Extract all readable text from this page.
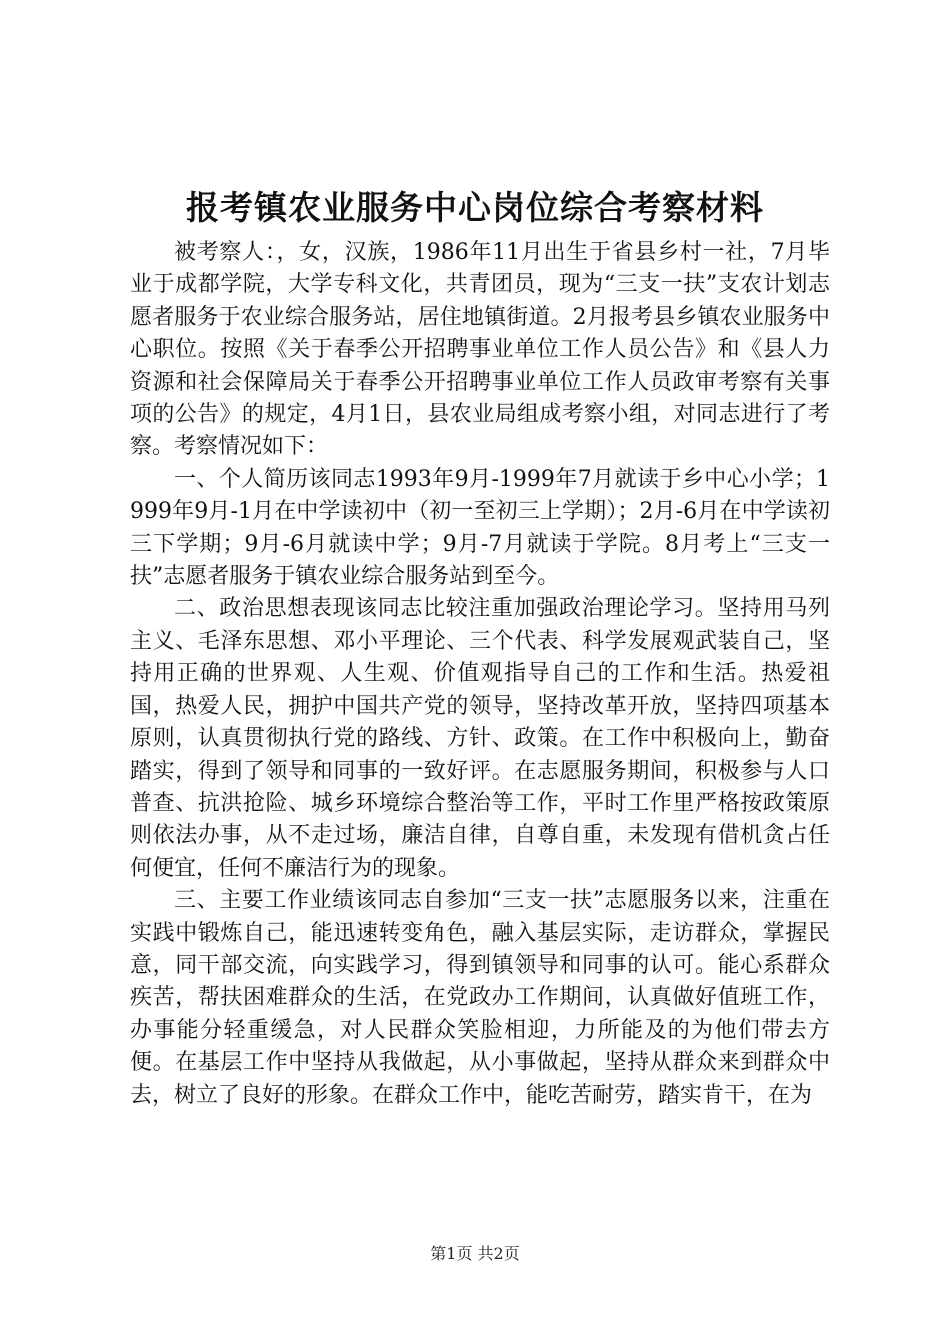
报考镇农业服务中心岗位综合考察材料

被考察人：，女，汉族，1986年11月出生于省县乡村一社，7月毕业于成都学院，大学专科文化，共青团员，现为“三支一扶”支农计划志愿者服务于农业综合服务站，居住地镇街道。2月报考县乡镇农业服务中心职位。按照《关于春季公开招聘事业单位工作人员公告》和《县人力资源和社会保障局关于春季公开招聘事业单位工作人员政审考察有关事项的公告》的规定，4月1日，县农业局组成考察小组，对同志进行了考察。考察情况如下：

一、个人简历该同志1993年9月-1999年7月就读于乡中心小学；1999年9月-1月在中学读初中（初一至初三上学期）；2月-6月在中学读初三下学期；9月-6月就读中学；9月-7月就读于学院。8月考上“三支一扶”志愿者服务于镇农业综合服务站到至今。

二、政治思想表现该同志比较注重加强政治理论学习。坚持用马列主义、毛泽东思想、邓小平理论、三个代表、科学发展观武装自己，坚持用正确的世界观、人生观、价值观指导自己的工作和生活。热爱祖国，热爱人民，拥护中国共产党的领导，坚持改革开放，坚持四项基本原则，认真贯彻执行党的路线、方针、政策。在工作中积极向上，勤奋踏实，得到了领导和同事的一致好评。在志愿服务期间，积极参与人口普查、抗洪抢险、城乡环境综合整治等工作，平时工作里严格按政策原则依法办事，从不走过场，廉洁自律，自尊自重，未发现有借机贪占任何便宜，任何不廉洁行为的现象。

三、主要工作业绩该同志自参加“三支一扶”志愿服务以来，注重在实践中锻炼自己，能迅速转变角色，融入基层实际，走访群众，掌握民意，同干部交流，向实践学习，得到镇领导和同事的认可。能心系群众疾苦，帮扶困难群众的生活，在党政办工作期间，认真做好值班工作，办事能分轻重缓急，对人民群众笑脸相迎，力所能及的为他们带去方便。在基层工作中坚持从我做起，从小事做起，坚持从群众来到群众中去，树立了良好的形象。在群众工作中，能吃苦耐劳，踏实肯干，在为

第1页 共2页
